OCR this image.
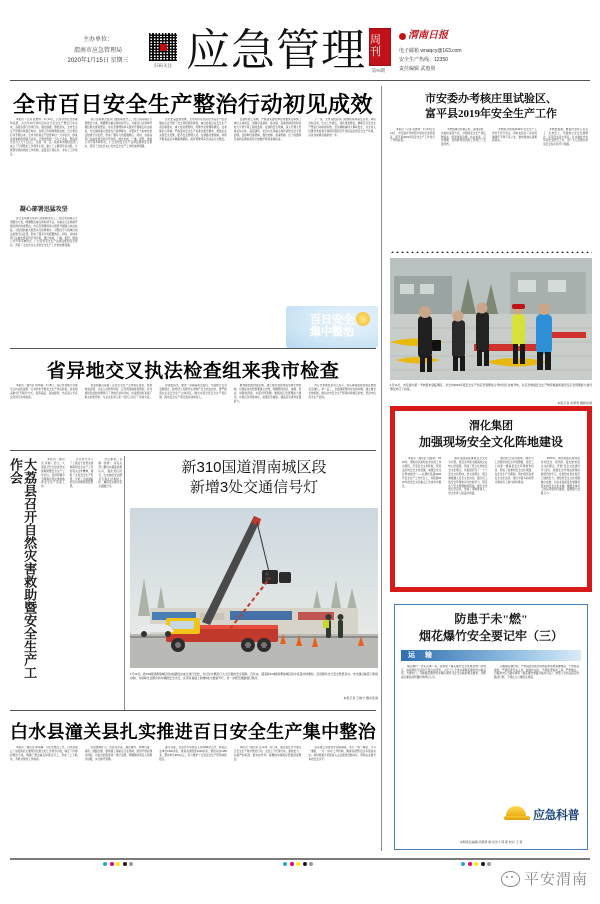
主办单位：
渭南市应急管理局
2020年1月15日 星期三
扫码关注 应急管理 周刊
第96期
渭南日报
电子邮箱 wnaqcy@163.com
安全生产热线：12350
责任编辑 武惠贤
全市百日安全生产整治行动初见成效
本报讯（记者 武惠贤）1月13日，记者从市应急管理局获悉，自去年10月我市启动百日安全生产整治行动以来，各级各部门迅速行动，强化措施，狠抓落实，全市安全生产形势持续稳定向好，各项工作取得明显成效。百日整治行动开展以来，全市共检查生产经营单位一万余家次，排查各类事故隐患两万余条，已整改隐患一万九千余条，整改率达百分之九十五以上。各县（市、区）政府和市级相关部门成立了专项整治工作领导小组，建立了主要领导亲自抓、分管领导具体抓的工作机制，层层签订责任书，夯实了工作责任。
凝心部署迅猛攻坚
各行业领域主管部门按照职责分工，结合实际制定专项整治方案，明确整治重点和时间节点，对重点行业领域开展拉网式排查整治。市应急管理局牵头组织开展联合执法检查，对发现的重大隐患实行挂牌督办，对整改不力的单位依法依规予以处罚，形成了强有力的震慑效应。同时，各地各部门注重发挥宣传引导作用，通过电视、广播、报纸、微信公众号等多种形式，广泛宣传安全生产法律法规和安全常识，营造了全社会关心支持安全生产工作的浓厚氛围。
各行业领域主管部门按照职责分工，结合实际制定专项整治方案，明确整治重点和时间节点，对重点行业领域开展拉网式排查整治。市应急管理局牵头组织开展联合执法检查，对发现的重大隐患实行挂牌督办，对整改不力的单位依法依规予以处罚，形成了强有力的震慑效应。同时，各地各部门注重发挥宣传引导作用，通过电视、广播、报纸、微信公众号等多种形式，广泛宣传安全生产法律法规和安全常识，营造了全社会关心支持安全生产工作的浓厚氛围。
在危化品监管领域，全市对所有危险化学品生产经营储存企业开展了安全风险隐患排查，重点检查企业安全生产责任制落实、重大危险源管控、特殊作业管理等情况。在非煤矿山领域，严格落实安全生产标准化建设要求，督促企业完善安全设施，配齐安全管理人员。在道路交通领域，持续开展客货运车辆超速超载、疲劳驾驶等突出违法行为整治。
在建筑施工领域，严格落实建设单位首要责任和施工单位主体责任，加强对深基坑、高支模、起重机械等危险性较大分部分项工程的监管。在消防安全领域，深入开展大型商业综合体、高层建筑、老旧小区等重点场所消防安全专项治理。在特种设备领域，强化电梯、起重机械、压力容器等设备的定期检验和日常维护保养监督检查。
下一步，全市各级各部门将继续保持高压态势，紧盯目标任务，压实工作责任，深化排查整治，确保百日安全生产整治行动取得实效，坚决遏制重特大事故发生，为全市人民群众欢度春节和两会胜利召开创造良好的安全生产环境，以优异成绩迎接新的一年。
百日安全
集中整治
省异地交叉执法检查组来我市检查
本报讯（通讯员 周伟斌）1月8日，省应急管理厅异地交叉执法检查组一行来我市开展安全生产执法检查。检查组采取"四不两直"方式，直奔基层、直插现场，先后深入多家企业进行实地检查。
检查组重点查看了企业安全生产主体责任落实、隐患排查治理、从业人员教育培训、应急预案演练等情况，并对现场发现的问题进行了详细记录和分析。检查组同时查阅了相关台账资料，与企业负责人和一线员工进行了座谈交流。
检查组指出，要进一步提高政治站位，牢固树立安全发展理念，始终把人民群众生命财产安全放在首位。要严格落实企业安全生产主体责任，健全完善全员安全生产责任制，推动安全生产责任落实到岗到人。
要加强隐患排查治理，建立健全隐患排查治理长效机制，对排查出的隐患要建立台账，明确整改责任、措施、资金、时限和预案，实现闭环管理。要强化应急管理能力建设，完善应急预案体系，加强应急演练，提高突发事件处置能力。
市应急管理局负责人表示，将认真吸取检查组反馈的意见建议，举一反三，全面排查整改存在的问题，建立健全长效机制，推动全市安全生产形势持续稳定好转，坚决守住安全生产底线。
大荔县召开自然灾害救助暨安全生产工作会	本报讯（通讯员 李娟）近日，大荔县召开全县自然灾害救助暨安全生产工作会议，安排部署今冬明春自然灾害救助和安全生产各项工作。
会议传达学习了上级关于自然灾害救助和安全生产工作的有关文件精神，通报了全县安全生产形势，分析了当前面临的突出问题和风险隐患。
会议要求，各镇（街道）、各有关部门要切实提高思想认识，强化责任担当，扎实做好受灾群众冬春生活救助工作，确保受灾群众安全温暖过冬。
新310国道渭南城区段
新增3处交通信号灯
1月13日，新310国道渭南城区段3处路段完成红绿灯安装，为过往车辆及行人出行提供安全保障。近年来，随着新310国道渭南城区段车流量持续增加，沿线群众出行安全隐患突出。市交通运输部门积极协调，为保障过往群众和车辆的安全出行，在原有基础上新增3处交通信号灯，进一步规范道路通行秩序。
本报记者 王晓宁 摄并报道
白水县潼关县扎实推进百日安全生产集中整治
本报讯（通讯员 秦军鹏）为扎实整治工作，白水县成立了由县政府主要领导任组长的工作领导小组，制定了详细的整治方案，明确了整治重点和责任分工，形成了上下联动、齐抓共管的工作格局。
该县聚焦矿山、危险化学品、烟花爆竹、特种设备、消防、道路交通、建筑施工等重点行业领域，组织开展拉网式排查，对查出的隐患逐一登记造册，明确整改责任人和整改时限，实行销号管理。
截至目前，全县共出动执法人员2000余人次，检查企业单位1500余家，排查各类隐患1200余条，整改完成1150条，整改率达95%以上，有力维护了全县安全生产形势持续稳定。
本报讯（通讯员 任军周）连日来，潼关县扎实开展百日安全生产集中整治行动，全县上下迅速行动，靠前发力，以最严的标准、最实的作风、最硬的举措抓好隐患排查整治。
该县建立县级领导包联制度，实行一周一调度、半月一通报、一月一讲评工作机制，确保各项整治任务落到实处。同时组建专家组深入企业现场把脉问诊，帮助企业提升本质安全水平。
市安委办考核庄里试验区、
富平县2019年安全生产工作
本报讯（记者 武惠贤）1月13日至14日，市安委办考核组分别对庄里试验区、富平县2019年度安全生产工作进行了考核检查。
考核组通过听取汇报、查阅资料、实地检查等方式，对两地安全生产责任制落实、隐患排查治理、执法检查、应急管理、宣传教育培训等工作进行了全面考核。
考核组对两地2019年安全生产工作给予充分肯定，同时也指出了存在的薄弱环节和不足之处，要求两地认真整改落实。
考核组强调，要始终坚持人民至上、生命至上，牢固树立安全发展理念，压紧压实各方责任，扎实做好岁末年初安全防范工作，为广大人民群众营造安全有序的节日氛围。
1月14日，市安委办第一考核组来到临渭区，对全市2019年度安全生产和应急管理综合考核进行实地考核，对应急救援安全生产物资储备库建设及应急管理能力建设情况进行了检查。
本报记者 武惠贤 摄影报道
渭化集团
加强现场安全文化阵地建设
本报讯（通讯员 白国春）"2020年，渭化将以短绘自身化的工作为契机，打造安全文化阵地，营造良好的安全文化氛围，加强安全文化阵地建设"——在渭化集团2020年安全生产工作会议上，该集团2020年的安全文化重点工作被多次提及。
渭化集团高度重视安全文化为引领，视安全环保为最高的企业核心价值观，形成了符合自身的安全文化理念。该集团打造了一个个安全文化阵地，把文化理念、规章制度融入安全文化内容，通过员工的安全环保知识与技能学习，规范各个安全管理制度阵地，提升全员的安全意识，形成了用制度管人、用文化育人的良好局面。
围绕纪念活动载体，渭化与工会组织的安全环保整顿，使员工上岗第一课就是安全环保教育培训，形成了浓厚的安全文化氛围。在安全生产月期间，集中组织各类安全文化活动，通过丰富多彩的形式调动员工参与的积极性。
2020年，渭化集团将持续深化"抓安全、抓环保、促发展"的安全文化理念，开展"安全文化建设年"活动，加强安全环保法规和标准规范的学习，在短绘自身化短范上继续发力，把短绘安全文化氛围做出成效，为企业高质量发展提供坚实的安全文化支撑，增强全体员工的认同感和归属感，凝聚强大发展合力。
防患于未"燃"
烟花爆竹安全要记牢（三）
运 输
烟花爆竹（含礼花弹）等，是按照《烟花爆竹安全管理条例》的规定，由取得许可证的专营企业经营。公民个人不得从事烟花爆竹的运输活动，方便出行。运输烟花爆竹的车辆必须符合安全运输的相关要求，并配备必要的消防器材和押运人员。
运输烟花爆竹时，严禁混装其他危险物品和易燃易爆物品，不得客货混装，严禁搭乘无关人员。装卸作业时，不得使用铁质工具，严禁烟火。运输途中应当随车携带《烟花爆竹道路运输许可证》，按照公安机关指定的路线行驶，不得在人口稠密区停留。
应急科普
本期责任编辑 武惠贤 版式设计 郭 燕 校对 王 莉
平安渭南
